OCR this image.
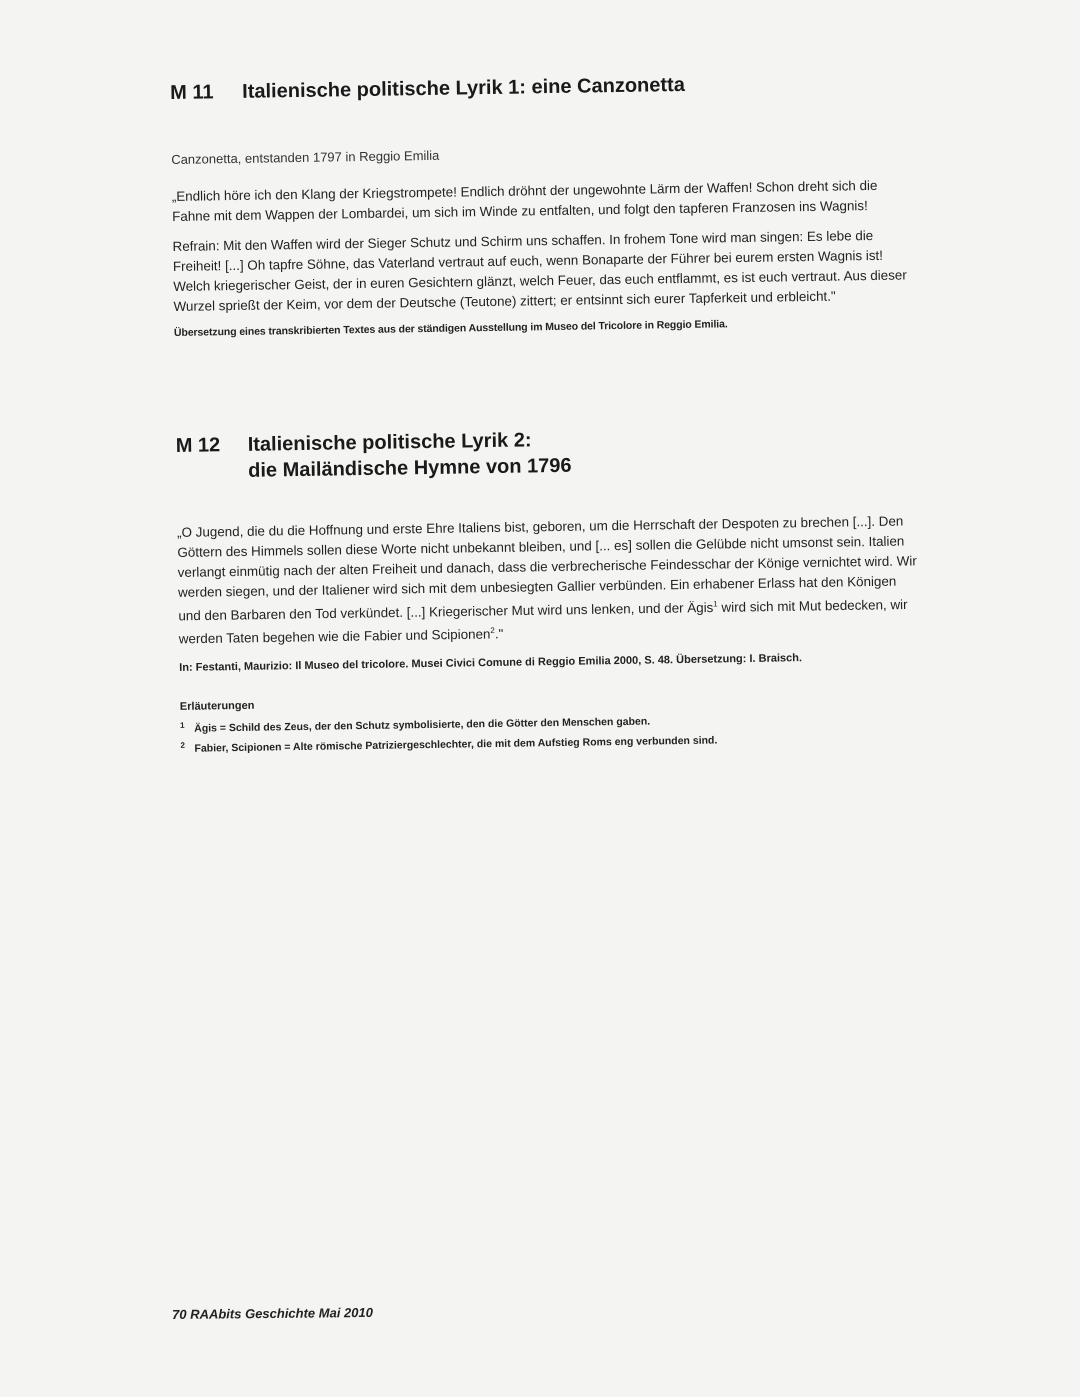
M 11	Italienische politische Lyrik 1: eine Canzonetta
Canzonetta, entstanden 1797 in Reggio Emilia

„Endlich höre ich den Klang der Kriegstrompete! Endlich dröhnt der ungewohnte Lärm der Waffen! Schon dreht sich die Fahne mit dem Wappen der Lombardei, um sich im Winde zu entfalten, und folgt den tapferen Franzosen ins Wagnis!

Refrain: Mit den Waffen wird der Sieger Schutz und Schirm uns schaffen. In frohem Tone wird man singen: Es lebe die Freiheit! [...] Oh tapfre Söhne, das Vaterland vertraut auf euch, wenn Bonaparte der Führer bei eurem ersten Wagnis ist! Welch kriegerischer Geist, der in euren Gesichtern glänzt, welch Feuer, das euch entflammt, es ist euch vertraut. Aus dieser Wurzel sprießt der Keim, vor dem der Deutsche (Teutone) zittert; er entsinnt sich eurer Tapferkeit und erbleicht."

Übersetzung eines transkribierten Textes aus der ständigen Ausstellung im Museo del Tricolore in Reggio Emilia.
M 12	Italienische politische Lyrik 2:
die Mailändische Hymne von 1796

„O Jugend, die du die Hoffnung und erste Ehre Italiens bist, geboren, um die Herrschaft der Despoten zu brechen [...]. Den Göttern des Himmels sollen diese Worte nicht unbekannt bleiben, und [... es] sollen die Gelübde nicht umsonst sein. Italien verlangt einmütig nach der alten Freiheit und danach, dass die verbrecherische Feindesschar der Könige vernichtet wird. Wir werden siegen, und der Italiener wird sich mit dem unbesiegten Gallier verbünden. Ein erhabener Erlass hat den Königen und den Barbaren den Tod verkündet. [...] Kriegerischer Mut wird uns lenken, und der Ägis$^1$ wird sich mit Mut bedecken, wir werden Taten begehen wie die Fabier und Scipionen$^2$."

In: Festanti, Maurizio: Il Museo del tricolore. Musei Civici Comune di Reggio Emilia 2000, S. 48. Übersetzung: I. Braisch.
Erläuterungen
1 Ägis = Schild des Zeus, der den Schutz symbolisierte, den die Götter den Menschen gaben.
2 Fabier, Scipionen = Alte römische Patriziergeschlechter, die mit dem Aufstieg Roms eng verbunden sind.
70 RAAbits Geschichte Mai 2010
